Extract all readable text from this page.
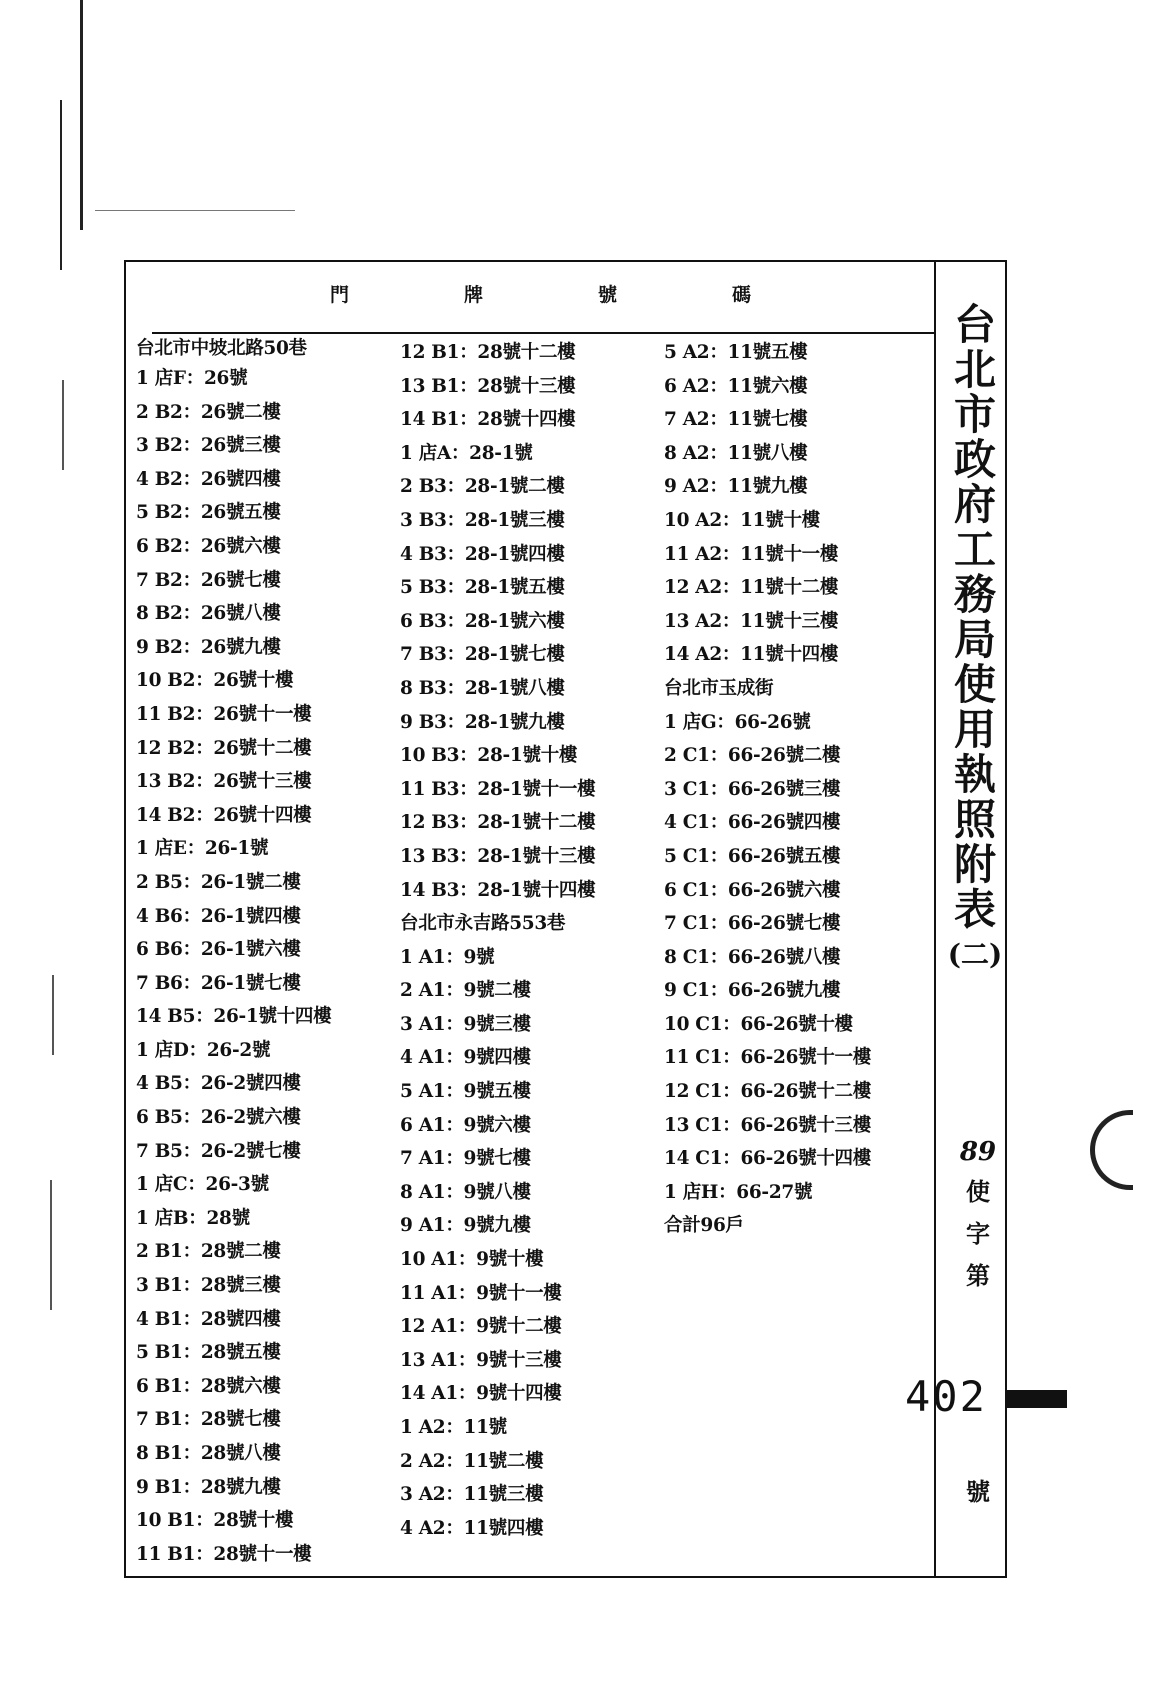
門	牌	號	碼
台北市中坡北路50巷
1 店F：26號
2 B2：26號二樓
3 B2：26號三樓
4 B2：26號四樓
5 B2：26號五樓
6 B2：26號六樓
7 B2：26號七樓
8 B2：26號八樓
9 B2：26號九樓
10 B2：26號十樓
11 B2：26號十一樓
12 B2：26號十二樓
13 B2：26號十三樓
14 B2：26號十四樓
1 店E：26-1號
2 B5：26-1號二樓
4 B6：26-1號四樓
6 B6：26-1號六樓
7 B6：26-1號七樓
14 B5：26-1號十四樓
1 店D：26-2號
4 B5：26-2號四樓
6 B5：26-2號六樓
7 B5：26-2號七樓
1 店C：26-3號
1 店B：28號
2 B1：28號二樓
3 B1：28號三樓
4 B1：28號四樓
5 B1：28號五樓
6 B1：28號六樓
7 B1：28號七樓
8 B1：28號八樓
9 B1：28號九樓
10 B1：28號十樓
11 B1：28號十一樓
12 B1：28號十二樓
13 B1：28號十三樓
14 B1：28號十四樓
1 店A：28-1號
2 B3：28-1號二樓
3 B3：28-1號三樓
4 B3：28-1號四樓
5 B3：28-1號五樓
6 B3：28-1號六樓
7 B3：28-1號七樓
8 B3：28-1號八樓
9 B3：28-1號九樓
10 B3：28-1號十樓
11 B3：28-1號十一樓
12 B3：28-1號十二樓
13 B3：28-1號十三樓
14 B3：28-1號十四樓
台北市永吉路553巷
1 A1：9號
2 A1：9號二樓
3 A1：9號三樓
4 A1：9號四樓
5 A1：9號五樓
6 A1：9號六樓
7 A1：9號七樓
8 A1：9號八樓
9 A1：9號九樓
10 A1：9號十樓
11 A1：9號十一樓
12 A1：9號十二樓
13 A1：9號十三樓
14 A1：9號十四樓
1 A2：11號
2 A2：11號二樓
3 A2：11號三樓
4 A2：11號四樓
5 A2：11號五樓
6 A2：11號六樓
7 A2：11號七樓
8 A2：11號八樓
9 A2：11號九樓
10 A2：11號十樓
11 A2：11號十一樓
12 A2：11號十二樓
13 A2：11號十三樓
14 A2：11號十四樓
台北市玉成街
1 店G：66-26號
2 C1：66-26號二樓
3 C1：66-26號三樓
4 C1：66-26號四樓
5 C1：66-26號五樓
6 C1：66-26號六樓
7 C1：66-26號七樓
8 C1：66-26號八樓
9 C1：66-26號九樓
10 C1：66-26號十樓
11 C1：66-26號十一樓
12 C1：66-26號十二樓
13 C1：66-26號十三樓
14 C1：66-26號十四樓
1 店H：66-27號
合計96戶
台
北
市
政
府
工
務
局
使
用
執
照
附
表
(二)
89
使
字
第
號
402
